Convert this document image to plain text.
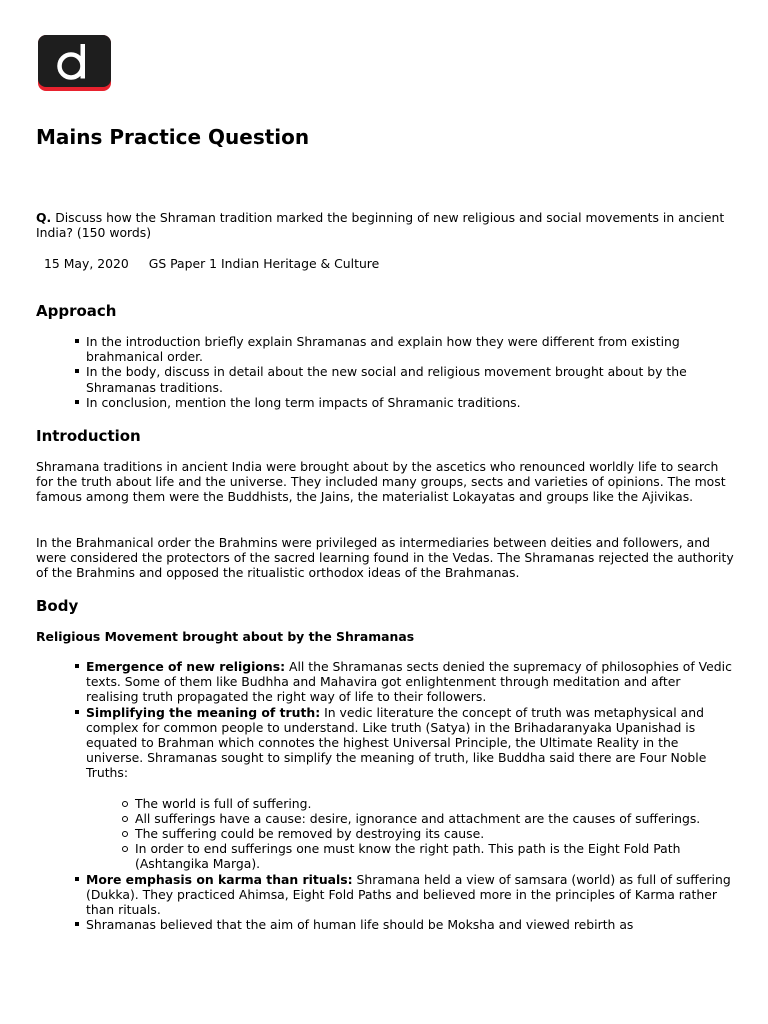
Mains Practice Question

Q. Discuss how the Shraman tradition marked the beginning of new religious and social movements in ancient India? (150 words)

15 May, 2020 GS Paper 1 Indian Heritage & Culture

Approach
In the introduction briefly explain Shramanas and explain how they were different from existing brahmanical order.
In the body, discuss in detail about the new social and religious movement brought about by the Shramanas traditions.
In conclusion, mention the long term impacts of Shramanic traditions.
Introduction

Shramana traditions in ancient India were brought about by the ascetics who renounced worldly life to search for the truth about life and the universe. They included many groups, sects and varieties of opinions. The most famous among them were the Buddhists, the Jains, the materialist Lokayatas and groups like the Ajivikas.

In the Brahmanical order the Brahmins were privileged as intermediaries between deities and followers, and were considered the protectors of the sacred learning found in the Vedas. The Shramanas rejected the authority of the Brahmins and opposed the ritualistic orthodox ideas of the Brahmanas.

Body

Religious Movement brought about by the Shramanas

Emergence of new religions: All the Shramanas sects denied the supremacy of philosophies of Vedic texts. Some of them like Budhha and Mahavira got enlightenment through meditation and after realising truth propagated the right way of life to their followers.
Simplifying the meaning of truth: In vedic literature the concept of truth was metaphysical and complex for common people to understand. Like truth (Satya) in the Brihadaranyaka Upanishad is equated to Brahman which connotes the highest Universal Principle, the Ultimate Reality in the universe. Shramanas sought to simplify the meaning of truth, like Buddha said there are Four Noble Truths:
The world is full of suffering.
All sufferings have a cause: desire, ignorance and attachment are the causes of sufferings.
The suffering could be removed by destroying its cause.
In order to end sufferings one must know the right path. This path is the Eight Fold Path (Ashtangika Marga).
More emphasis on karma than rituals: Shramana held a view of samsara (world) as full of suffering (Dukka). They practiced Ahimsa, Eight Fold Paths and believed more in the principles of Karma rather than rituals.
Shramanas believed that the aim of human life should be Moksha and viewed rebirth as
